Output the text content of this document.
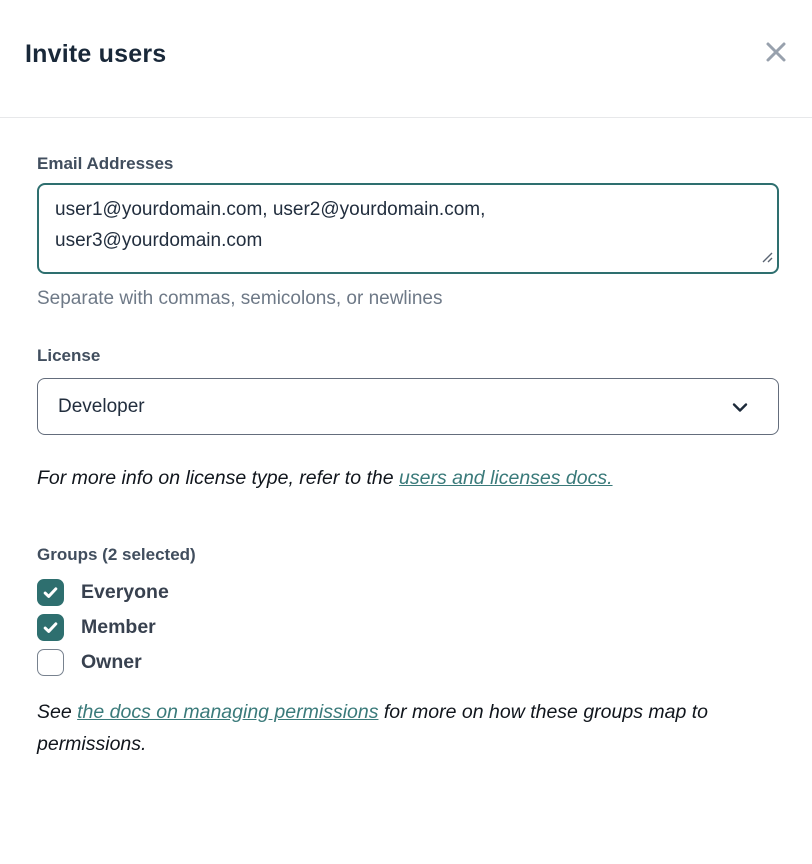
Invite users
Email Addresses
user1@yourdomain.com, user2@yourdomain.com, user3@yourdomain.com
Separate with commas, semicolons, or newlines
License
Developer

For more info on license type, refer to the users and licenses docs.

Groups (2 selected)
Everyone
Member
Owner

See the docs on managing permissions for more on how these groups map to permissions.
